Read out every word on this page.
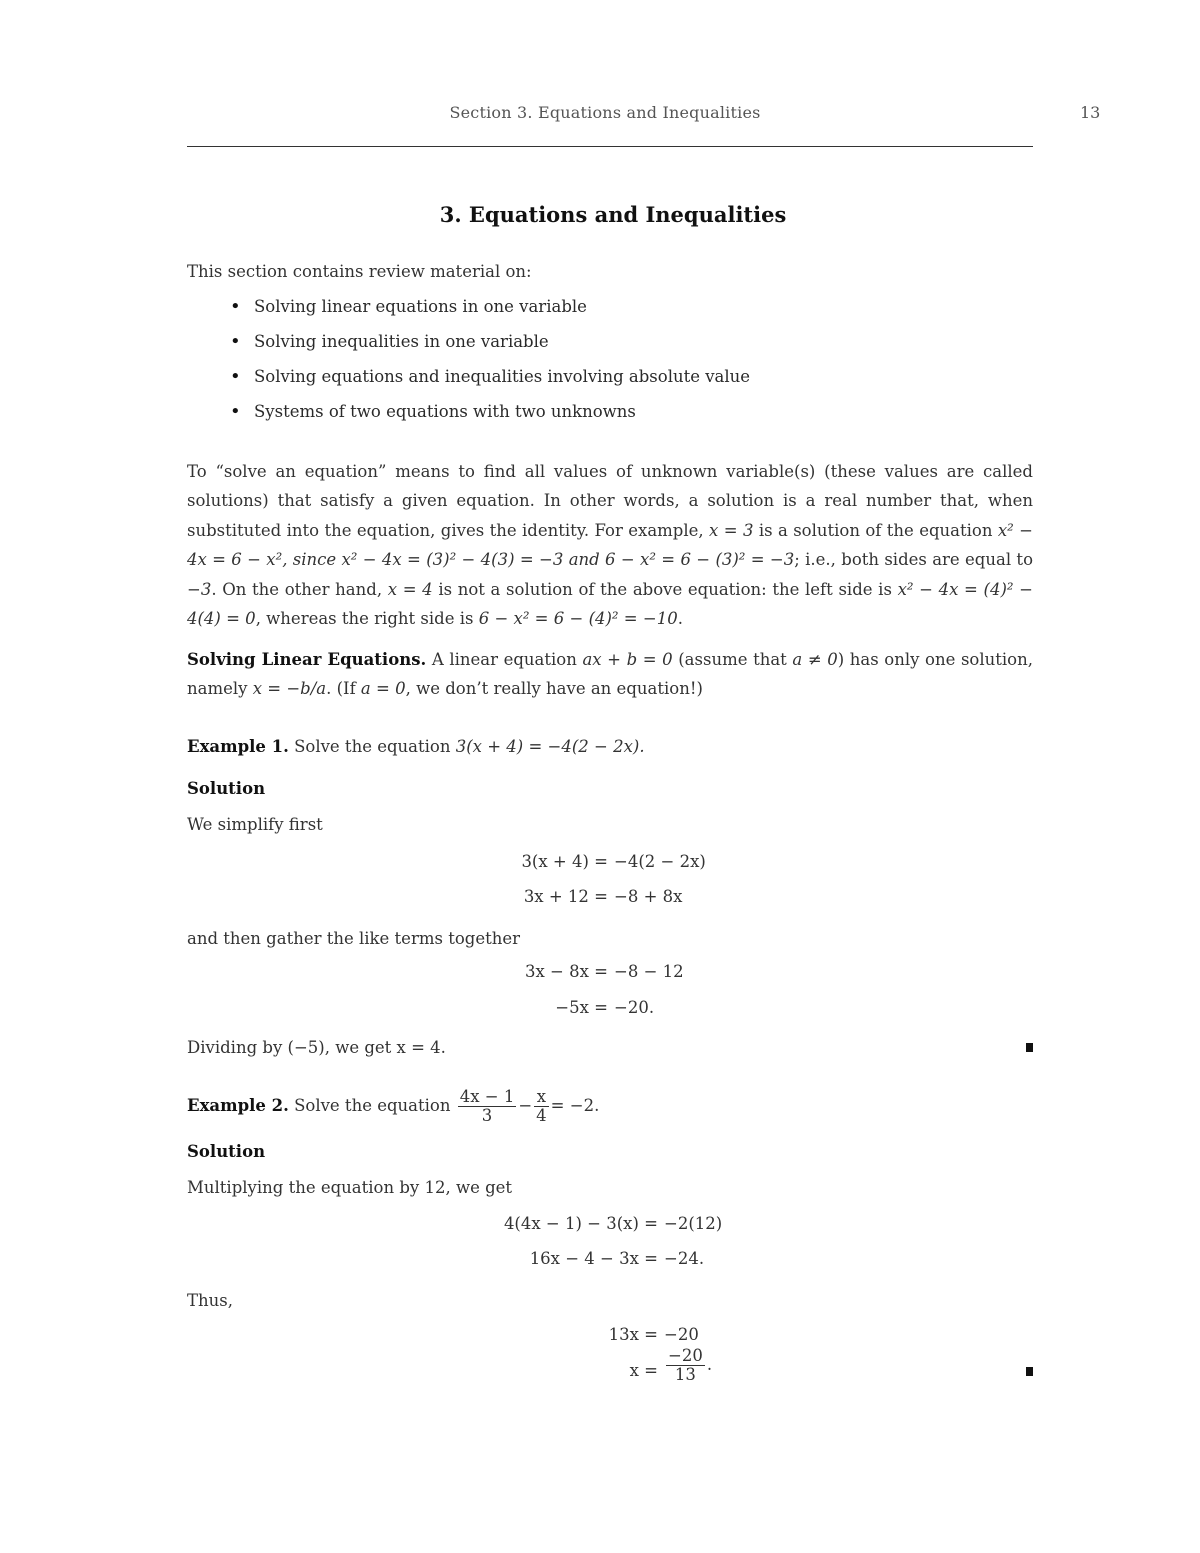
Section 3. Equations and Inequalities	13
3. Equations and Inequalities
This section contains review material on:
• Solving linear equations in one variable
• Solving inequalities in one variable
• Solving equations and inequalities involving absolute value
• Systems of two equations with two unknowns
To “solve an equation” means to find all values of unknown variable(s) (these values are called solutions) that satisfy a given equation. In other words, a solution is a real number that, when substituted into the equation, gives the identity. For example, x = 3 is a solution of the equation x² − 4x = 6 − x², since x² − 4x = (3)² − 4(3) = −3 and 6 − x² = 6 − (3)² = −3; i.e., both sides are equal to −3. On the other hand, x = 4 is not a solution of the above equation: the left side is x² − 4x = (4)² − 4(4) = 0, whereas the right side is 6 − x² = 6 − (4)² = −10.
Solving Linear Equations. A linear equation ax + b = 0 (assume that a ≠ 0) has only one solution, namely x = −b/a. (If a = 0, we don’t really have an equation!)
Example 1. Solve the equation 3(x + 4) = −4(2 − 2x).
Solution
We simplify first
3(x + 4) = −4(2 − 2x)
3x + 12 = −8 + 8x
and then gather the like terms together
3x − 8x = −8 − 12
−5x = −20.
Dividing by (−5), we get x = 4.
Example 2. Solve the equation $\frac{4x - 1}{3} - \frac{x}{4} = -2$.
Solution
Multiplying the equation by 12, we get
4(4x − 1) − 3(x) = −2(12)
16x − 4 − 3x = −24.
Thus,
13x = −20
$x = \frac{-20}{13}$ .
